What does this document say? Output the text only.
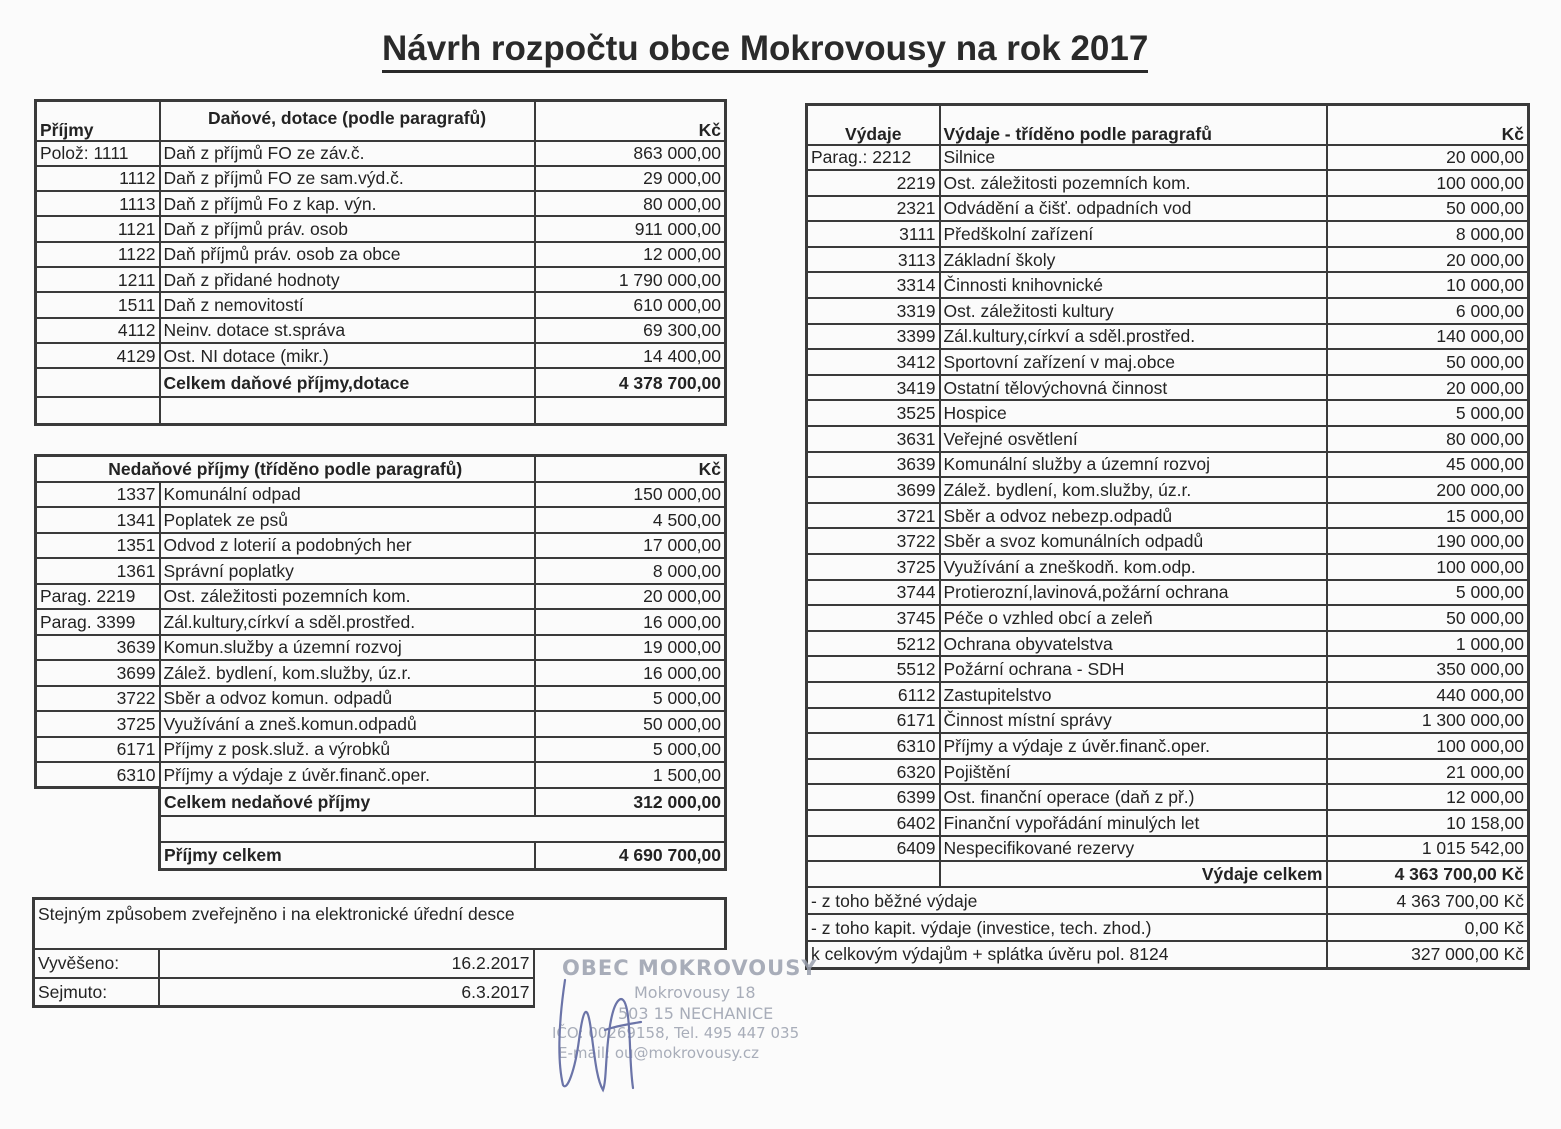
Návrh rozpočtu obce Mokrovousy na rok 2017
Příjmy	Daňové, dotace (podle paragrafů)	Kč
Polož: 1111	Daň z příjmů FO ze záv.č.	863 000,00
1112	Daň z příjmů FO ze sam.výd.č.	29 000,00
1113	Daň z příjmů Fo z kap. výn.	80 000,00
1121	Daň z příjmů práv. osob	911 000,00
1122	Daň příjmů práv. osob za obce	12 000,00
1211	Daň z přidané hodnoty	1 790 000,00
1511	Daň z nemovitostí	610 000,00
4112	Neinv. dotace st.správa	69 300,00
4129	Ost. NI dotace (mikr.)	14 400,00
	Celkem daňové příjmy,dotace	4 378 700,00

Nedaňové příjmy (tříděno podle paragrafů)		Kč
1337	Komunální odpad	150 000,00
1341	Poplatek ze psů	4 500,00
1351	Odvod z loterií a podobných her	17 000,00
1361	Správní poplatky	8 000,00
Parag. 2219	Ost. záležitosti pozemních kom.	20 000,00
Parag. 3399	Zál.kultury,církví a sděl.prostřed.	16 000,00
3639	Komun.služby a územní rozvoj	19 000,00
3699	Zálež. bydlení, kom.služby, úz.r.	16 000,00
3722	Sběr a odvoz komun. odpadů	5 000,00
3725	Využívání a zneš.komun.odpadů	50 000,00
6171	Příjmy z posk.služ. a výrobků	5 000,00
6310	Příjmy a výdaje z úvěr.finanč.oper.	1 500,00
	Celkem nedaňové příjmy	312 000,00

	Příjmy celkem	4 690 700,00
Stejným způsobem zveřejněno i na elektronické úřední desce		
Vyvěšeno:	16.2.2017	
Sejmuto:	6.3.2017	
Výdaje	Výdaje - tříděno podle paragrafů	Kč
Parag.: 2212	Silnice	20 000,00
2219	Ost. záležitosti pozemních kom.	100 000,00
2321	Odvádění a čišť. odpadních vod	50 000,00
3111	Předškolní zařízení	8 000,00
3113	Základní školy	20 000,00
3314	Činnosti knihovnické	10 000,00
3319	Ost. záležitosti kultury	6 000,00
3399	Zál.kultury,církví a sděl.prostřed.	140 000,00
3412	Sportovní zařízení v maj.obce	50 000,00
3419	Ostatní tělovýchovná činnost	20 000,00
3525	Hospice	5 000,00
3631	Veřejné osvětlení	80 000,00
3639	Komunální služby a územní rozvoj	45 000,00
3699	Zálež. bydlení, kom.služby, úz.r.	200 000,00
3721	Sběr a odvoz nebezp.odpadů	15 000,00
3722	Sběr a svoz komunálních odpadů	190 000,00
3725	Využívání a zneškodň. kom.odp.	100 000,00
3744	Protierozní,lavinová,požární ochrana	5 000,00
3745	Péče o vzhled obcí a zeleň	50 000,00
5212	Ochrana obyvatelstva	1 000,00
5512	Požární ochrana - SDH	350 000,00
6112	Zastupitelstvo	440 000,00
6171	Činnost místní správy	1 300 000,00
6310	Příjmy a výdaje z úvěr.finanč.oper.	100 000,00
6320	Pojištění	21 000,00
6399	Ost. finanční operace (daň z př.)	12 000,00
6402	Finanční vypořádání minulých let	10 158,00
6409	Nespecifikované rezervy	1 015 542,00
	Výdaje celkem	4 363 700,00 Kč
- z toho běžné výdaje		4 363 700,00 Kč
- z toho kapit. výdaje (investice, tech. zhod.)		0,00 Kč
k celkovým výdajům + splátka úvěru pol. 8124		327 000,00 Kč
OBEC MOKROVOUSY
Mokrovousy 18
503 15 NECHANICE
IČO: 00269158, Tel. 495 447 035
E-mail: ou@mokrovousy.cz
